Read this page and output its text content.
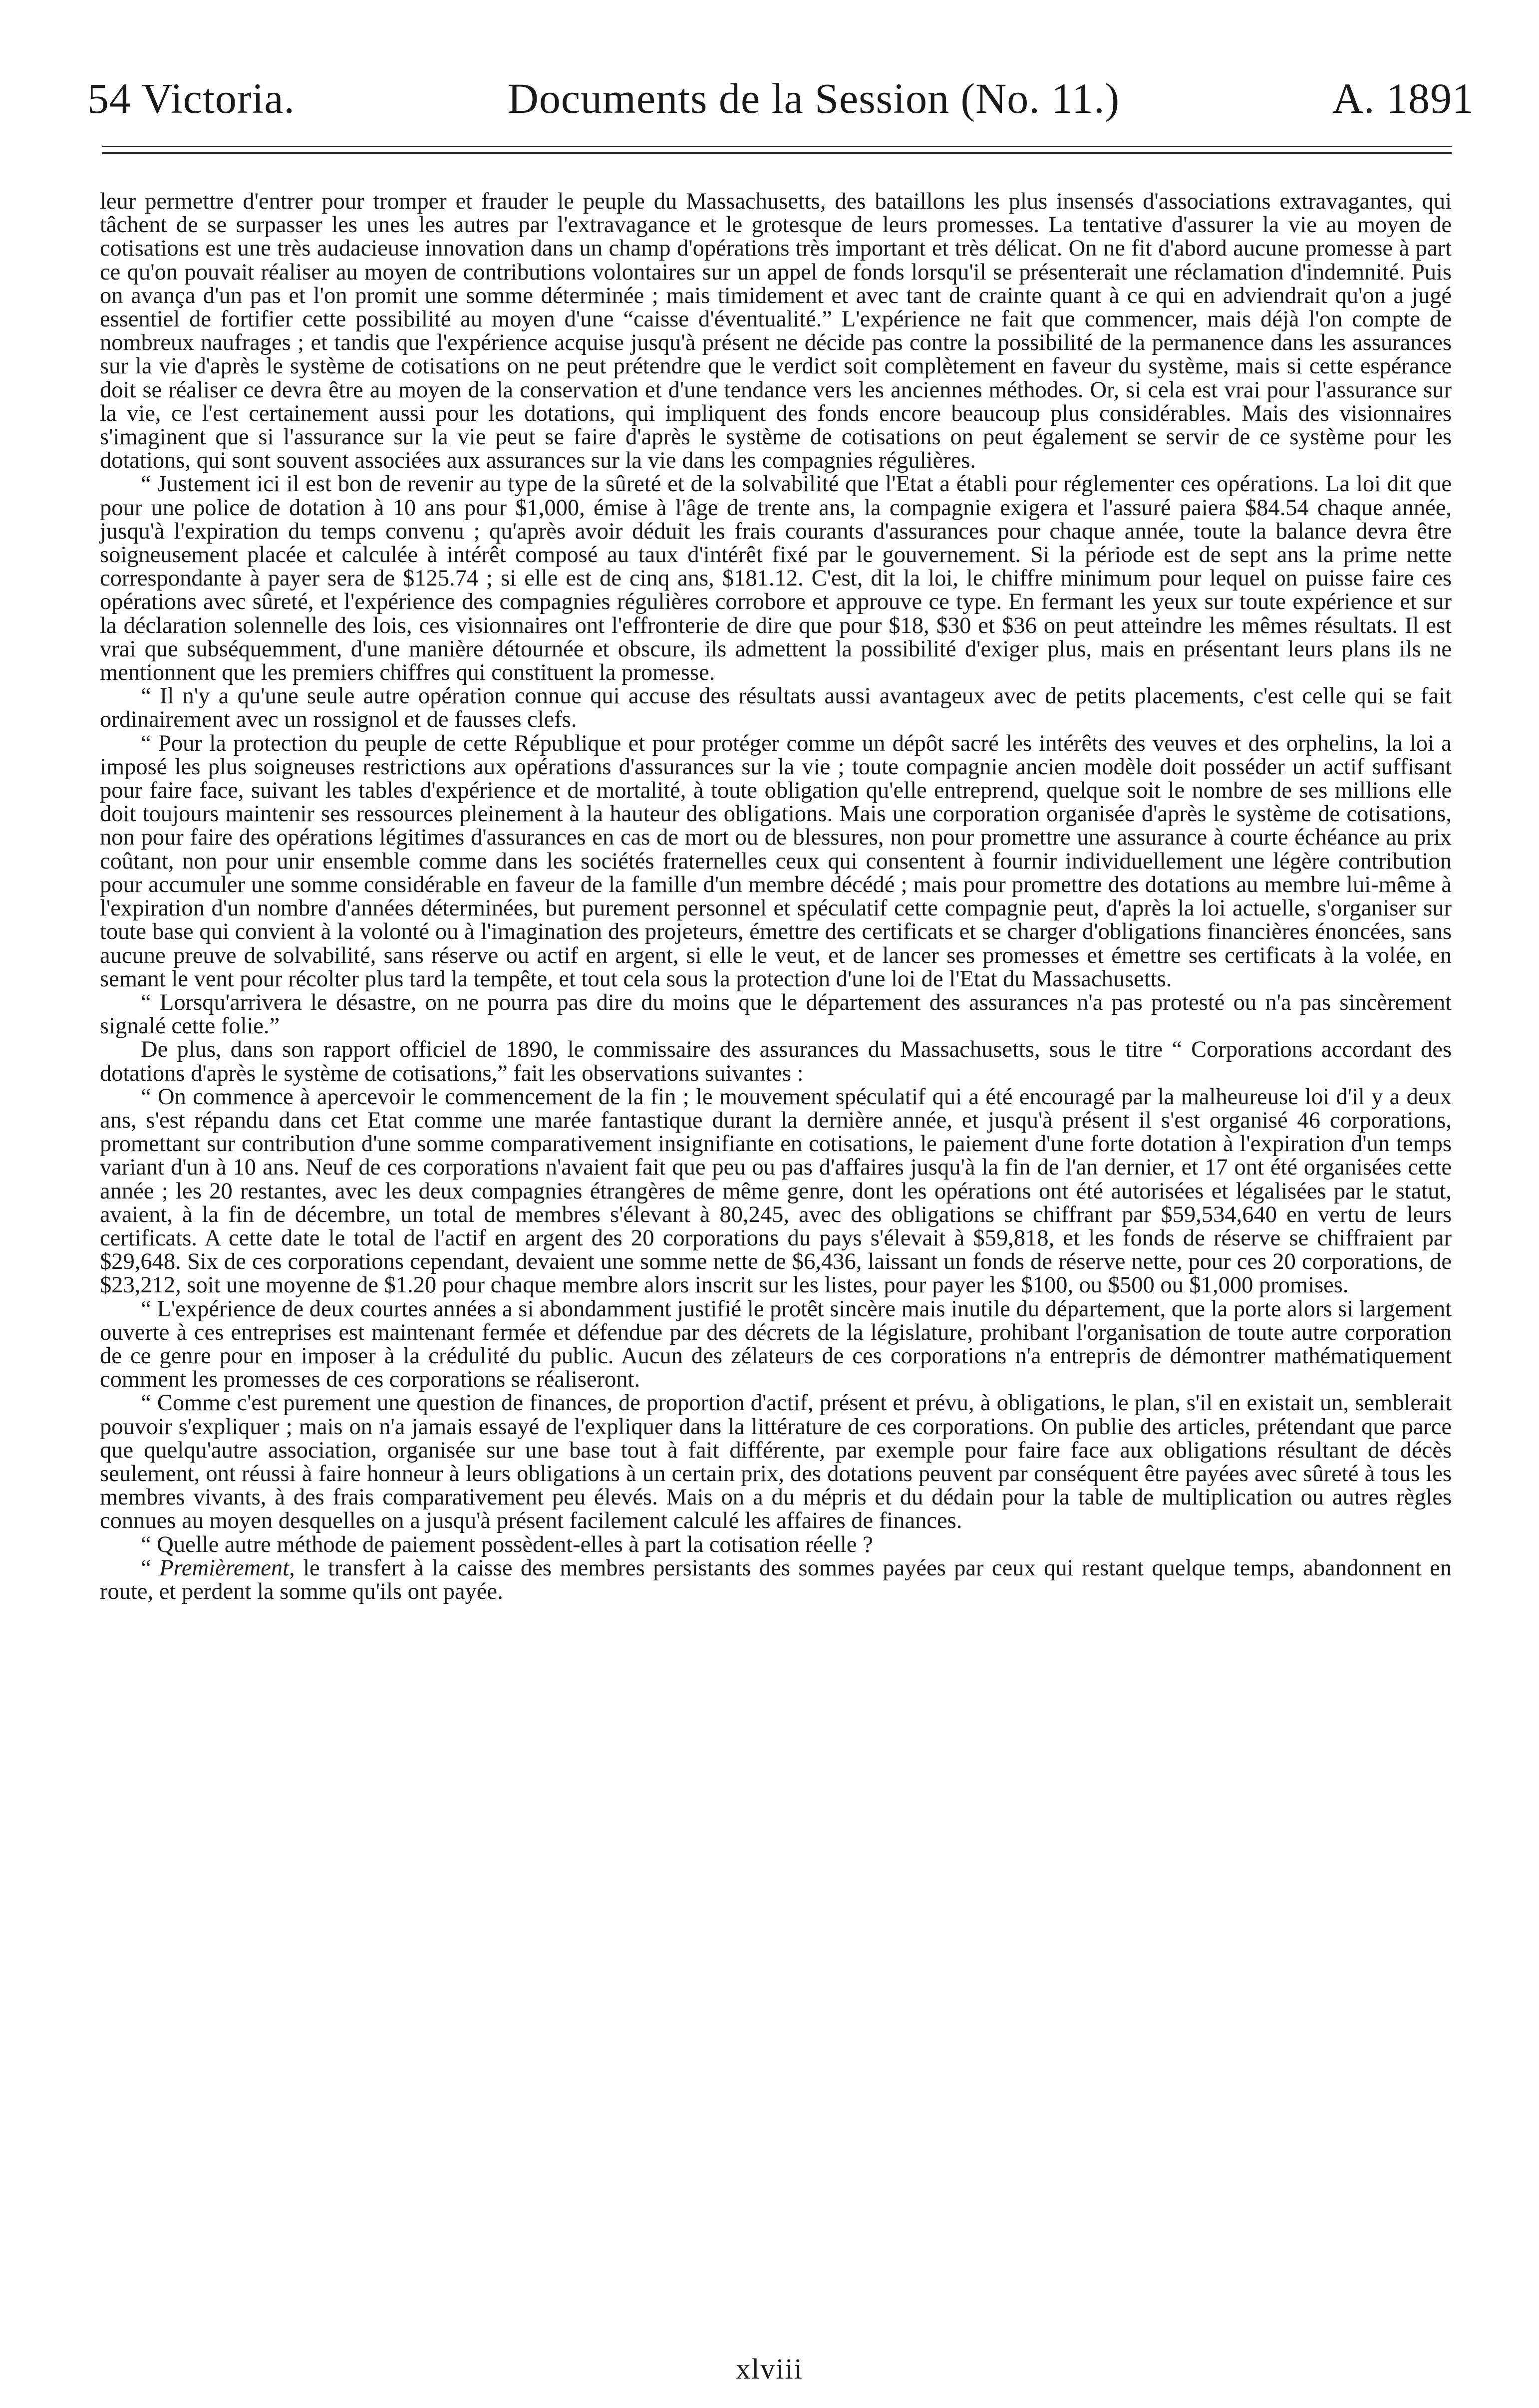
54 Victoria.	Documents de la Session (No. 11.)	A. 1891

leur permettre d'entrer pour tromper et frauder le peuple du Massachusetts, des bataillons les plus insensés d'associations extravagantes, qui tâchent de se surpasser les unes les autres par l'extravagance et le grotesque de leurs promesses. La tentative d'assurer la vie au moyen de cotisations est une très audacieuse innovation dans un champ d'opérations très important et très délicat. On ne fit d'abord aucune promesse à part ce qu'on pouvait réaliser au moyen de contributions volontaires sur un appel de fonds lorsqu'il se présenterait une réclamation d'indemnité. Puis on avança d'un pas et l'on promit une somme déterminée ; mais timidement et avec tant de crainte quant à ce qui en adviendrait qu'on a jugé essentiel de fortifier cette possibilité au moyen d'une “caisse d'éventualité.” L'expérience ne fait que commencer, mais déjà l'on compte de nombreux naufrages ; et tandis que l'expérience acquise jusqu'à présent ne décide pas contre la possibilité de la permanence dans les assurances sur la vie d'après le système de cotisations on ne peut prétendre que le verdict soit complètement en faveur du système, mais si cette espérance doit se réaliser ce devra être au moyen de la conservation et d'une tendance vers les anciennes méthodes. Or, si cela est vrai pour l'assurance sur la vie, ce l'est certainement aussi pour les dotations, qui impliquent des fonds encore beaucoup plus considérables. Mais des visionnaires s'imaginent que si l'assurance sur la vie peut se faire d'après le système de cotisations on peut également se servir de ce système pour les dotations, qui sont souvent associées aux assurances sur la vie dans les compagnies régulières.

“ Justement ici il est bon de revenir au type de la sûreté et de la solvabilité que l'Etat a établi pour réglementer ces opérations. La loi dit que pour une police de dotation à 10 ans pour $1,000, émise à l'âge de trente ans, la compagnie exigera et l'assuré paiera $84.54 chaque année, jusqu'à l'expiration du temps convenu ; qu'après avoir déduit les frais courants d'assurances pour chaque année, toute la balance devra être soigneusement placée et calculée à intérêt composé au taux d'intérêt fixé par le gouvernement. Si la période est de sept ans la prime nette correspondante à payer sera de $125.74 ; si elle est de cinq ans, $181.12. C'est, dit la loi, le chiffre minimum pour lequel on puisse faire ces opérations avec sûreté, et l'expérience des compagnies régulières corrobore et approuve ce type. En fermant les yeux sur toute expérience et sur la déclaration solennelle des lois, ces visionnaires ont l'effronterie de dire que pour $18, $30 et $36 on peut atteindre les mêmes résultats. Il est vrai que subséquemment, d'une manière détournée et obscure, ils admettent la possibilité d'exiger plus, mais en présentant leurs plans ils ne mentionnent que les premiers chiffres qui constituent la promesse.

“ Il n'y a qu'une seule autre opération connue qui accuse des résultats aussi avantageux avec de petits placements, c'est celle qui se fait ordinairement avec un rossignol et de fausses clefs.

“ Pour la protection du peuple de cette République et pour protéger comme un dépôt sacré les intérêts des veuves et des orphelins, la loi a imposé les plus soigneuses restrictions aux opérations d'assurances sur la vie ; toute compagnie ancien modèle doit posséder un actif suffisant pour faire face, suivant les tables d'expérience et de mortalité, à toute obligation qu'elle entreprend, quelque soit le nombre de ses millions elle doit toujours maintenir ses ressources pleinement à la hauteur des obligations. Mais une corporation organisée d'après le système de cotisations, non pour faire des opérations légitimes d'assurances en cas de mort ou de blessures, non pour promettre une assurance à courte échéance au prix coûtant, non pour unir ensemble comme dans les sociétés fraternelles ceux qui consentent à fournir individuellement une légère contribution pour accumuler une somme considérable en faveur de la famille d'un membre décédé ; mais pour promettre des dotations au membre lui-même à l'expiration d'un nombre d'années déterminées, but purement personnel et spéculatif cette compagnie peut, d'après la loi actuelle, s'organiser sur toute base qui convient à la volonté ou à l'imagination des projeteurs, émettre des certificats et se charger d'obligations financières énoncées, sans aucune preuve de solvabilité, sans réserve ou actif en argent, si elle le veut, et de lancer ses promesses et émettre ses certificats à la volée, en semant le vent pour récolter plus tard la tempête, et tout cela sous la protection d'une loi de l'Etat du Massachusetts.

“ Lorsqu'arrivera le désastre, on ne pourra pas dire du moins que le département des assurances n'a pas protesté ou n'a pas sincèrement signalé cette folie.”

De plus, dans son rapport officiel de 1890, le commissaire des assurances du Massachusetts, sous le titre “ Corporations accordant des dotations d'après le système de cotisations,” fait les observations suivantes :

“ On commence à apercevoir le commencement de la fin ; le mouvement spéculatif qui a été encouragé par la malheureuse loi d'il y a deux ans, s'est répandu dans cet Etat comme une marée fantastique durant la dernière année, et jusqu'à présent il s'est organisé 46 corporations, promettant sur contribution d'une somme comparativement insignifiante en cotisations, le paiement d'une forte dotation à l'expiration d'un temps variant d'un à 10 ans. Neuf de ces corporations n'avaient fait que peu ou pas d'affaires jusqu'à la fin de l'an dernier, et 17 ont été organisées cette année ; les 20 restantes, avec les deux compagnies étrangères de même genre, dont les opérations ont été autorisées et légalisées par le statut, avaient, à la fin de décembre, un total de membres s'élevant à 80,245, avec des obligations se chiffrant par $59,534,640 en vertu de leurs certificats. A cette date le total de l'actif en argent des 20 corporations du pays s'élevait à $59,818, et les fonds de réserve se chiffraient par $29,648. Six de ces corporations cependant, devaient une somme nette de $6,436, laissant un fonds de réserve nette, pour ces 20 corporations, de $23,212, soit une moyenne de $1.20 pour chaque membre alors inscrit sur les listes, pour payer les $100, ou $500 ou $1,000 promises.

“ L'expérience de deux courtes années a si abondamment justifié le protêt sincère mais inutile du département, que la porte alors si largement ouverte à ces entreprises est maintenant fermée et défendue par des décrets de la législature, prohibant l'organisation de toute autre corporation de ce genre pour en imposer à la crédulité du public. Aucun des zélateurs de ces corporations n'a entrepris de démontrer mathématiquement comment les promesses de ces corporations se réaliseront.

“ Comme c'est purement une question de finances, de proportion d'actif, présent et prévu, à obligations, le plan, s'il en existait un, semblerait pouvoir s'expliquer ; mais on n'a jamais essayé de l'expliquer dans la littérature de ces corporations. On publie des articles, prétendant que parce que quelqu'autre association, organisée sur une base tout à fait différente, par exemple pour faire face aux obligations résultant de décès seulement, ont réussi à faire honneur à leurs obligations à un certain prix, des dotations peuvent par conséquent être payées avec sûreté à tous les membres vivants, à des frais comparativement peu élevés. Mais on a du mépris et du dédain pour la table de multiplication ou autres règles connues au moyen desquelles on a jusqu'à présent facilement calculé les affaires de finances.

“ Quelle autre méthode de paiement possèdent-elles à part la cotisation réelle ?

“ Premièrement, le transfert à la caisse des membres persistants des sommes payées par ceux qui restant quelque temps, abandonnent en route, et perdent la somme qu'ils ont payée.

xlviii
